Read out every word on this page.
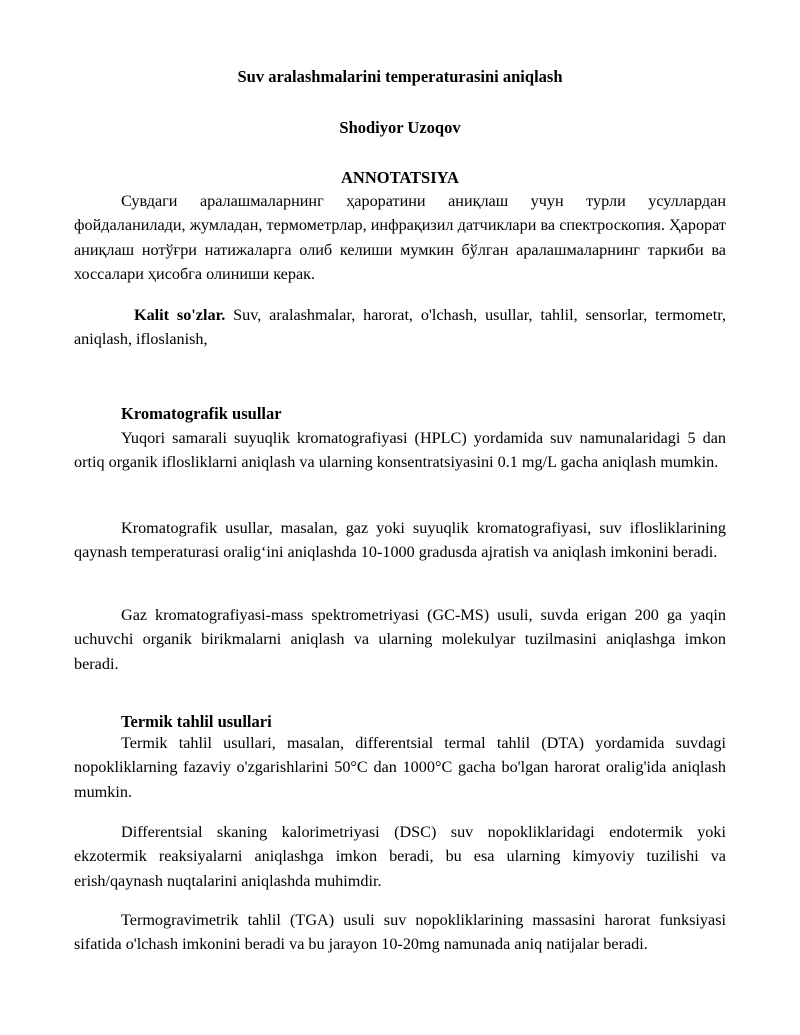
Suv aralashmalarini temperaturasini aniqlash
Shodiyor Uzoqov
ANNOTATSIYA
Сувдаги аралашмаларнинг ҳароратини аниқлаш учун турли усуллардан фойдаланилади, жумладан, термометрлар, инфрақизил датчиклари ва спектроскопия. Ҳарорат аниқлаш нотўғри натижаларга олиб келиши мумкин бўлган аралашмаларнинг таркиби ва хоссалари ҳисобга олиниши керак.
Kalit so'zlar. Suv, aralashmalar, harorat, o'lchash, usullar, tahlil, sensorlar, termometr, aniqlash, ifloslanish,
Kromatografik usullar
Yuqori samarali suyuqlik kromatografiyasi (HPLC) yordamida suv namunalaridagi 5 dan ortiq organik iflosliklarni aniqlash va ularning konsentratsiyasini 0.1 mg/L gacha aniqlash mumkin.
Kromatografik usullar, masalan, gaz yoki suyuqlik kromatografiyasi, suv iflosliklarining qaynash temperaturasi oralig‘ini aniqlashda 10-1000 gradusda ajratish va aniqlash imkonini beradi.
Gaz kromatografiyasi-mass spektrometriyasi (GC-MS) usuli, suvda erigan 200 ga yaqin uchuvchi organik birikmalarni aniqlash va ularning molekulyar tuzilmasini aniqlashga imkon beradi.
Termik tahlil usullari
Termik tahlil usullari, masalan, differentsial termal tahlil (DTA) yordamida suvdagi nopokliklarning fazaviy o'zgarishlarini 50°C dan 1000°C gacha bo'lgan harorat oralig'ida aniqlash mumkin.
Differentsial skaning kalorimetriyasi (DSC) suv nopokliklaridagi endotermik yoki ekzotermik reaksiyalarni aniqlashga imkon beradi, bu esa ularning kimyoviy tuzilishi va erish/qaynash nuqtalarini aniqlashda muhimdir.
Termogravimetrik tahlil (TGA) usuli suv nopokliklarining massasini harorat funksiyasi sifatida o'lchash imkonini beradi va bu jarayon 10-20mg namunada aniq natijalar beradi.
